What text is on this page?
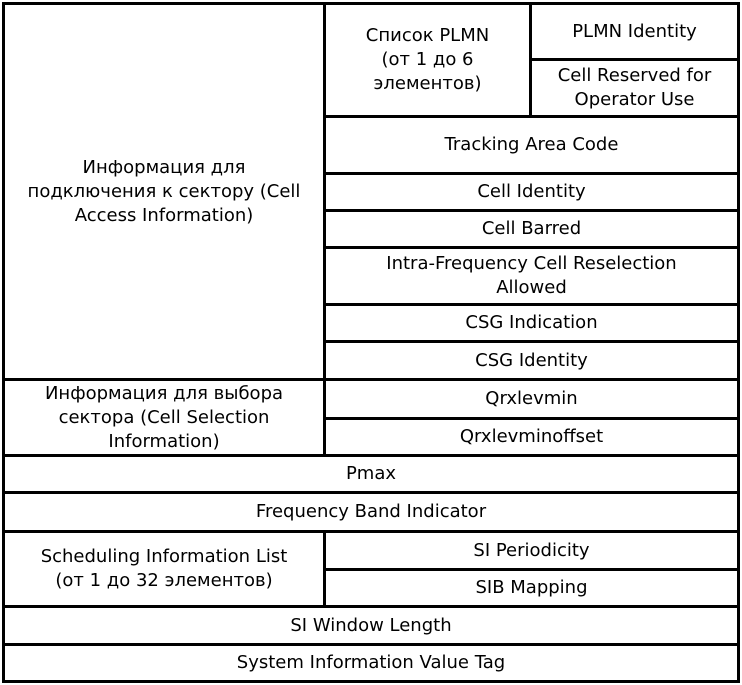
Информация для
подключения к сектору (Cell
Access Information)
Список PLMN
(от 1 до 6
элементов)
PLMN Identity
Cell Reserved for
Operator Use
Tracking Area Code
Cell Identity
Cell Barred
Intra-Frequency Cell Reselection
Allowed
CSG Indication
CSG Identity
Информация для выбора
сектора (Cell Selection
Information)
Qrxlevmin
Qrxlevminoffset
Pmax
Frequency Band Indicator
Scheduling Information List
(от 1 до 32 элементов)
SI Periodicity
SIB Mapping
SI Window Length
System Information Value Tag
